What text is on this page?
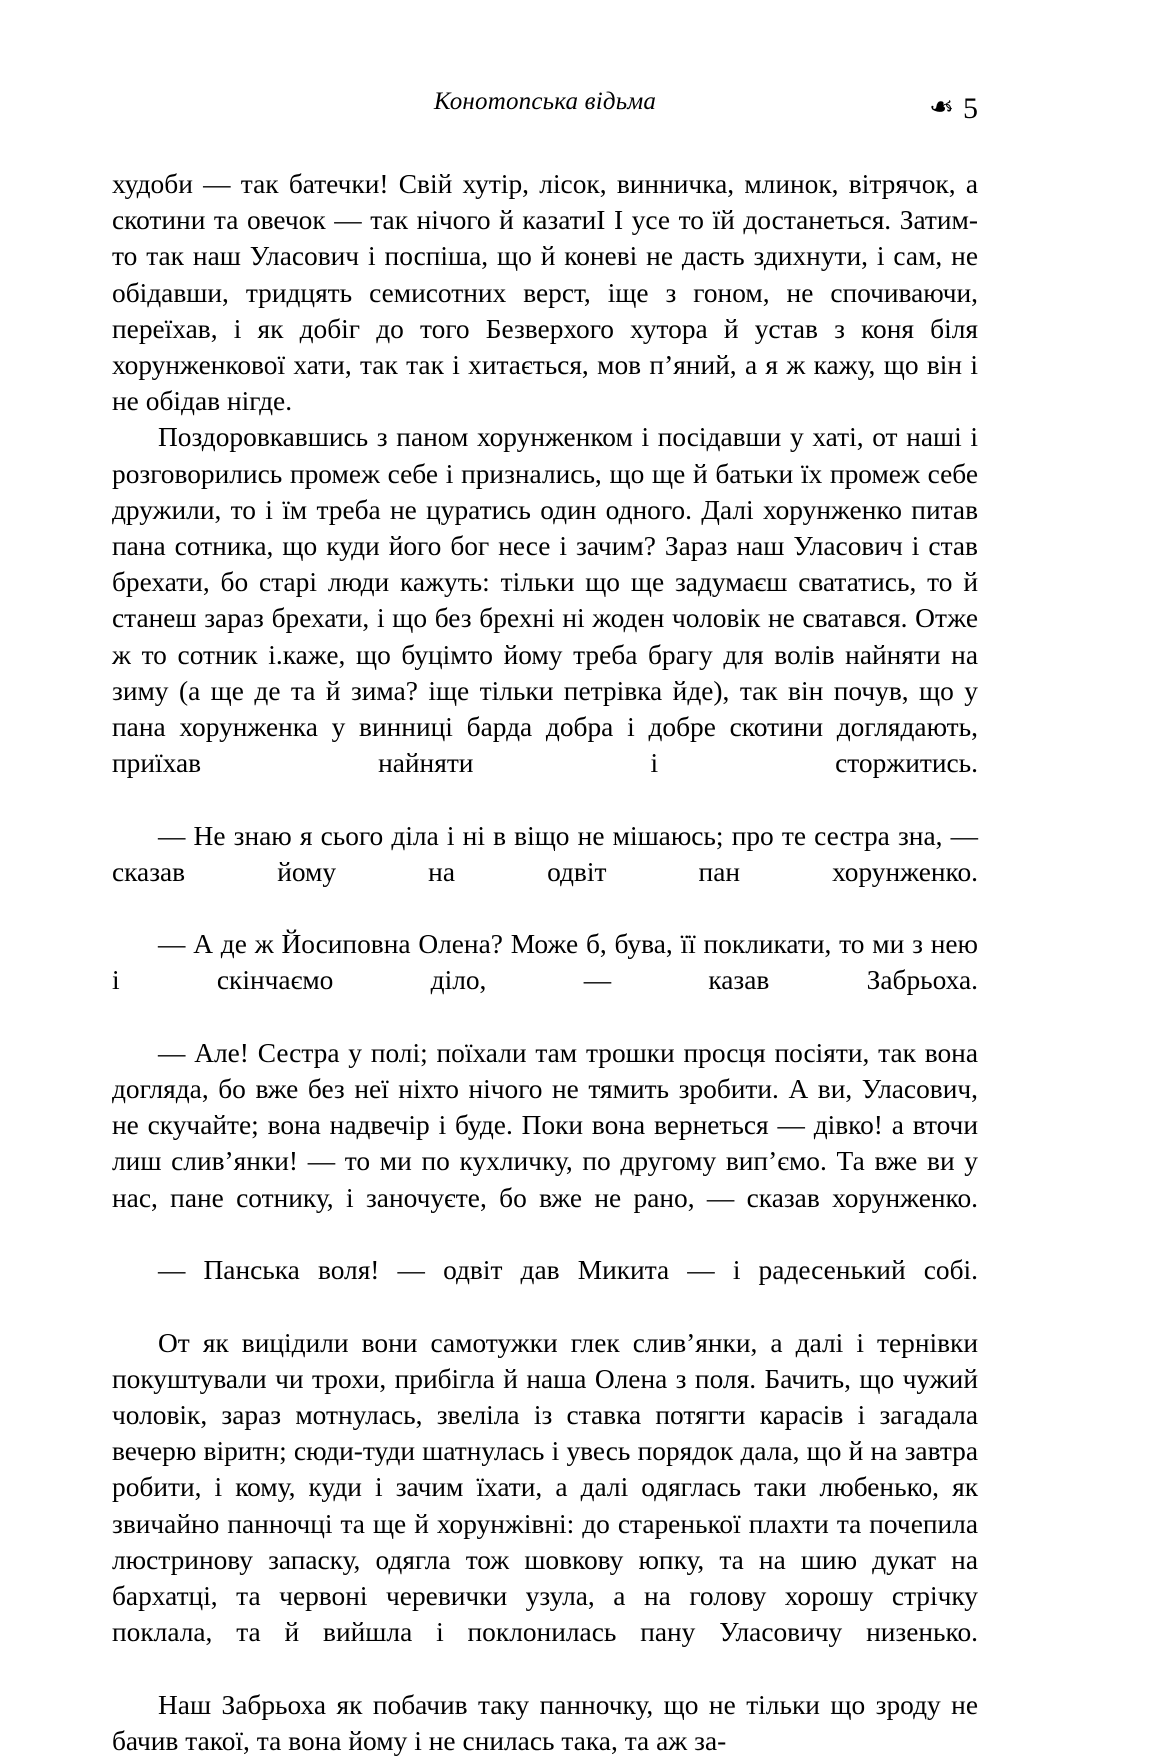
Конотопська відьма	❧ 5

худоби — так батечки! Свій хутір, лісок, винничка, млинок, вітрячок, а скотини та овечок — так нічого й казатиI I усе то їй достанеться. Затим-то так наш Уласович і поспіша, що й коневі не дасть здихнути, і сам, не обідавши, тридцять семисотних верст, іще з гоном, не спочиваючи, переїхав, і як добіг до того Безверхого хутора й устав з коня біля хорунженкової хати, так так і хитається, мов п’яний, а я ж кажу, що він і не обідав нігде.

Поздоровкавшись з паном хорунженком і посідавши у хаті, от наші і розговорились промеж себе і признались, що ще й батьки їх промеж себе дружили, то і їм треба не цуратись один одного. Далі хорунженко питав пана сотника, що куди його бог несе і зачим? Зараз наш Уласович і став брехати, бо старі люди кажуть: тільки що ще задумаєш свататись, то й станеш зараз брехати, і що без брехні ні жоден чоловік не сватався. Отже ж то сотник і.каже, що буцімто йому треба брагу для волів найняти на зиму (а ще де та й зима? іще тільки петрівка йде), так він почув, що у пана хорунженка у винниці барда добра і добре скотини доглядають, приїхав найняти і сторжитись.

— Не знаю я сього діла і ні в віщо не мішаюсь; про те сестра зна, — сказав йому на одвіт пан хорунженко.

— А де ж Йосиповна Олена? Може б, бува, її покликати, то ми з нею і скінчаємо діло, — казав Забрьоха.

— Але! Сестра у полі; поїхали там трошки просця посіяти, так вона догляда, бо вже без неї ніхто нічого не тямить зробити. А ви, Уласович, не скучайте; вона надвечір і буде. Поки вона вернеться — дівко! а вточи лиш слив’янки! — то ми по кухличку, по другому вип’ємо. Та вже ви у нас, пане сотнику, і заночуєте, бо вже не рано, — сказав хорунженко.

— Панська воля! — одвіт дав Микита — і радесенький собі.

От як вицідили вони самотужки глек слив’янки, а далі і тернівки покуштували чи трохи, прибігла й наша Олена з поля. Бачить, що чужий чоловік, зараз мотнулась, звеліла із ставка потягти карасів і загадала вечерю віритн; сюди-туди шатнулась і увесь порядок дала, що й на завтра робити, і кому, куди і зачим їхати, а далі одяглась таки любенько, як звичайно панночці та ще й хорунжівні: до старенької плахти та почепила люстринову запаску, одягла тож шовкову юпку, та на шию дукат на бархатці, та червоні черевички узула, а на голову хорошу стрічку поклала, та й вийшла і поклонилась пану Уласовичу низенько.

Наш Забрьоха як побачив таку панночку, що не тільки що зроду не бачив такої, та вона йому і не снилась така, та аж за-
